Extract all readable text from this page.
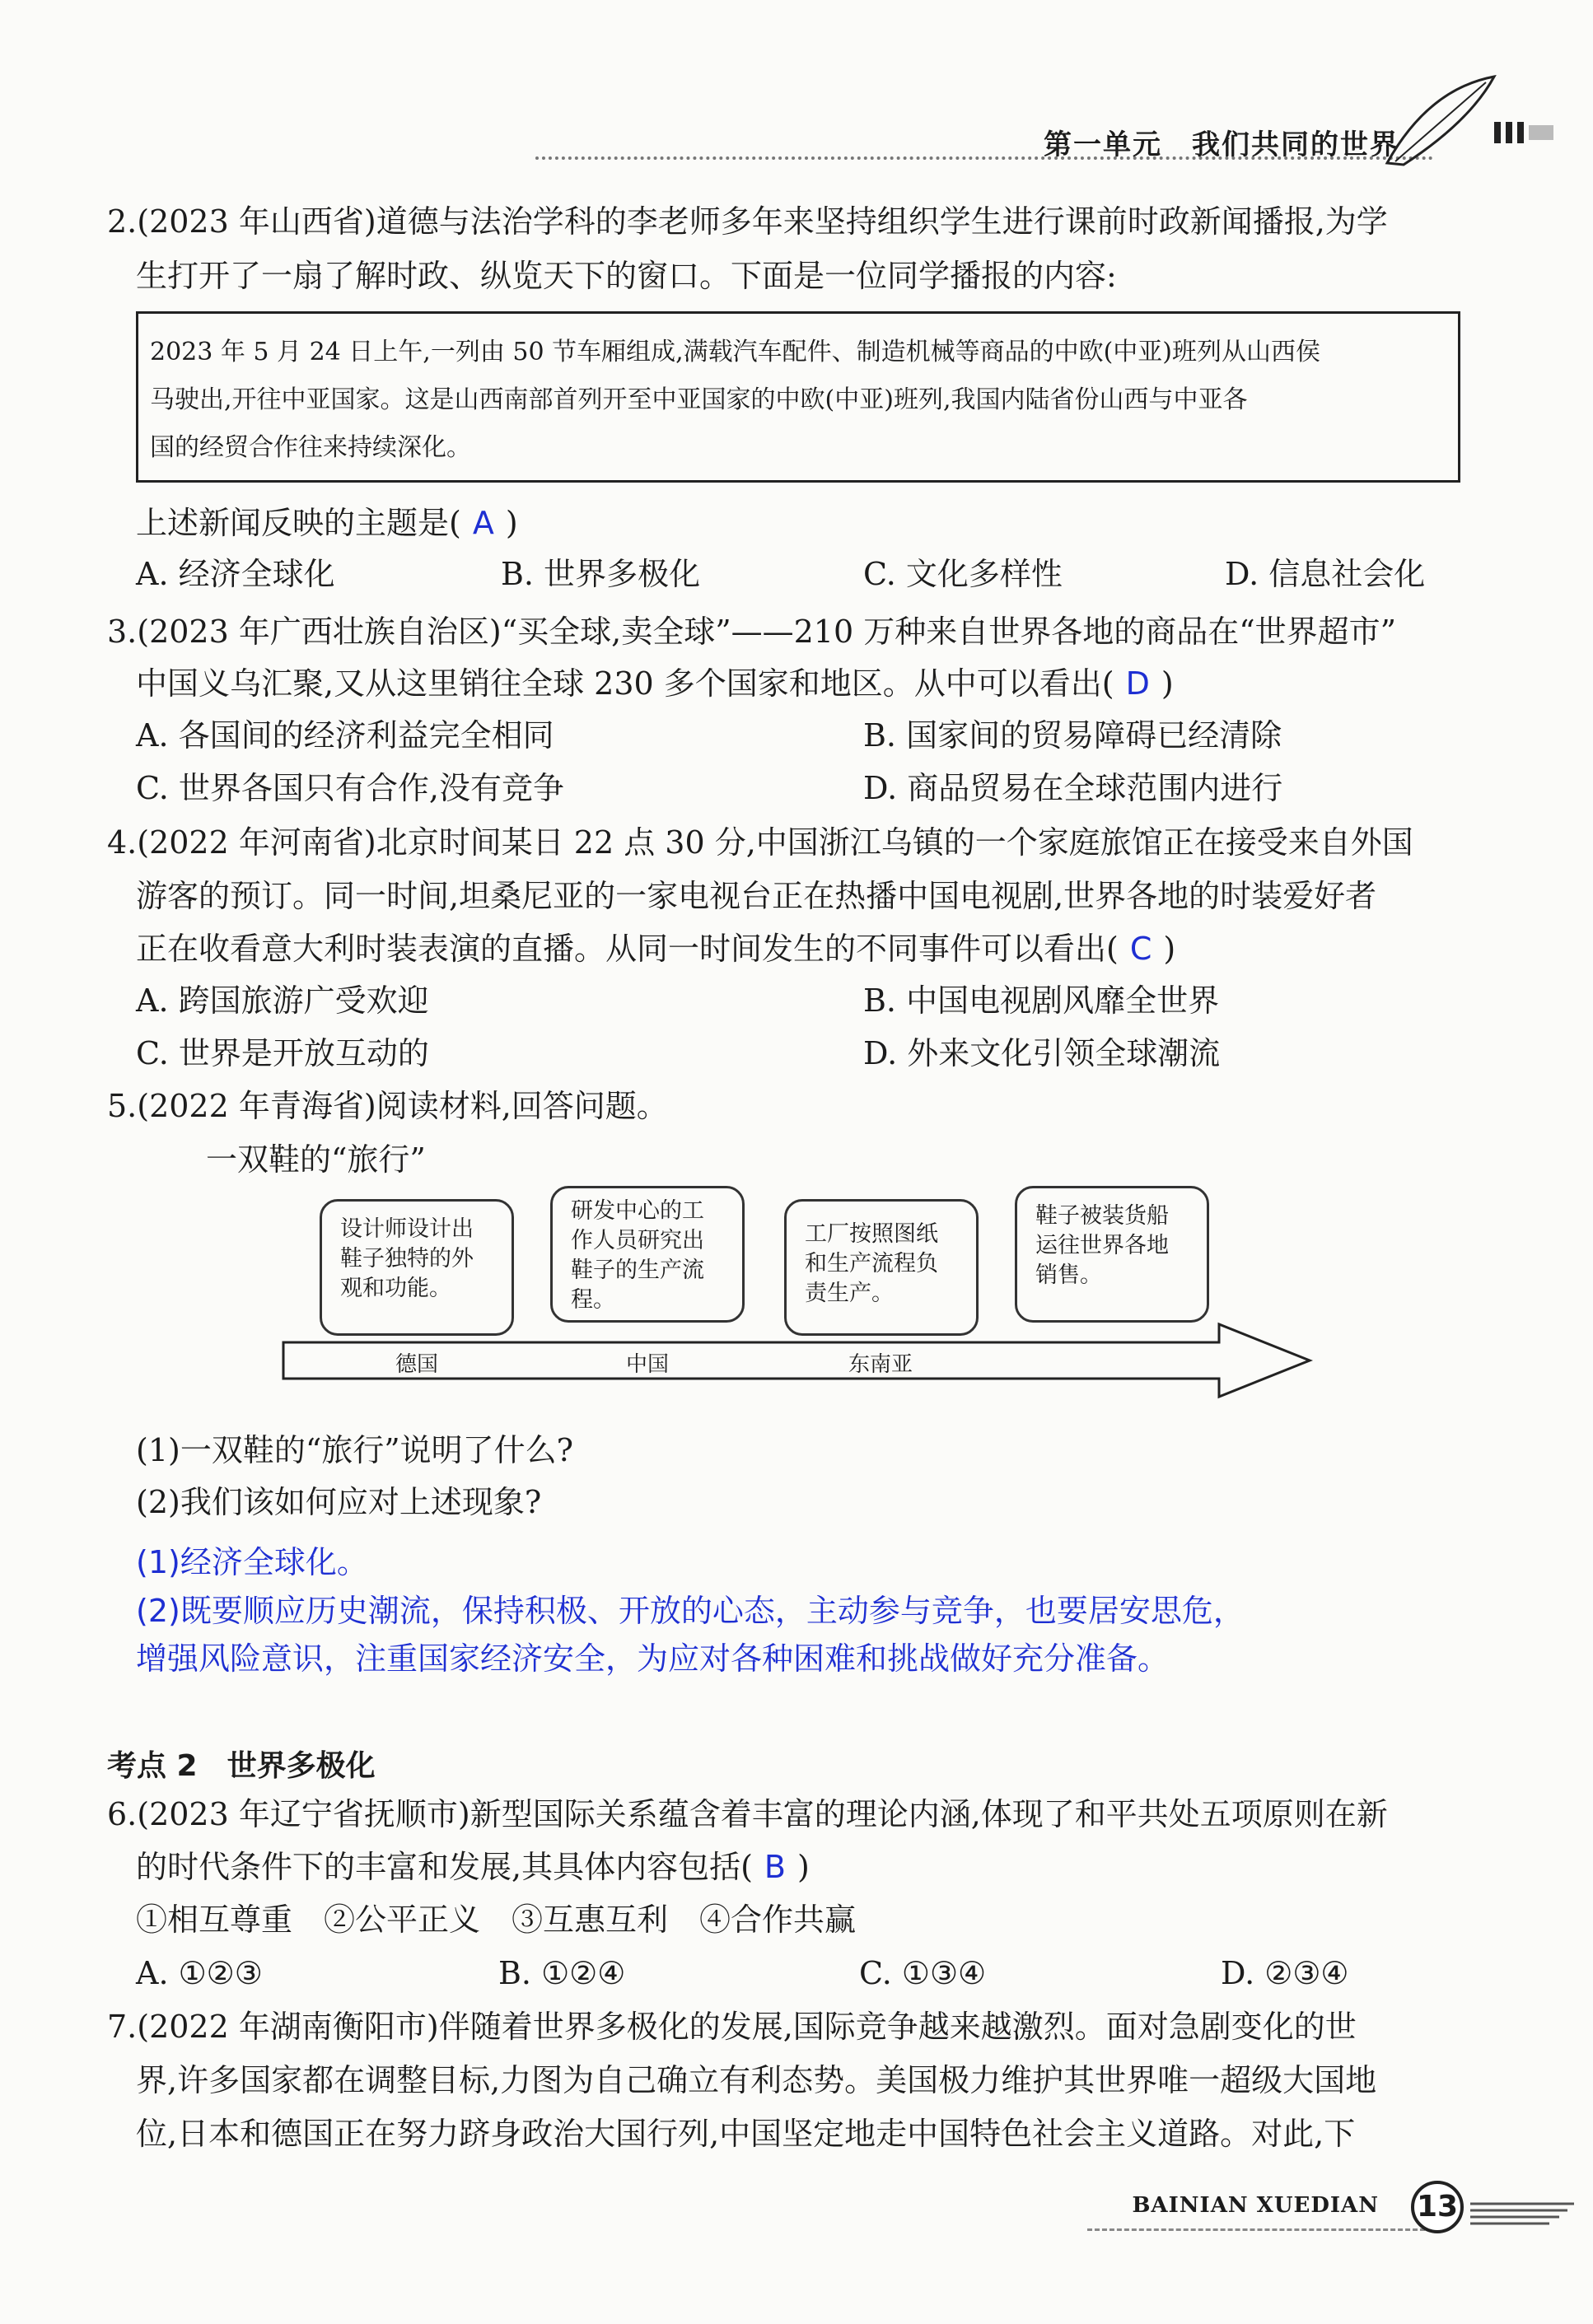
第一单元　我们共同的世界
2.(2023 年山西省)道德与法治学科的李老师多年来坚持组织学生进行课前时政新闻播报,为学
生打开了一扇了解时政、纵览天下的窗口。下面是一位同学播报的内容:
2023 年 5 月 24 日上午,一列由 50 节车厢组成,满载汽车配件、制造机械等商品的中欧(中亚)班列从山西侯
马驶出,开往中亚国家。这是山西南部首列开至中亚国家的中欧(中亚)班列,我国内陆省份山西与中亚各
国的经贸合作往来持续深化。
上述新闻反映的主题是( A )
A. 经济全球化	B. 世界多极化	C. 文化多样性	D. 信息社会化
3.(2023 年广西壮族自治区)“买全球,卖全球”——210 万种来自世界各地的商品在“世界超市”
中国义乌汇聚,又从这里销往全球 230 多个国家和地区。从中可以看出( D )
A. 各国间的经济利益完全相同	B. 国家间的贸易障碍已经清除
C. 世界各国只有合作,没有竞争	D. 商品贸易在全球范围内进行
4.(2022 年河南省)北京时间某日 22 点 30 分,中国浙江乌镇的一个家庭旅馆正在接受来自外国
游客的预订。同一时间,坦桑尼亚的一家电视台正在热播中国电视剧,世界各地的时装爱好者
正在收看意大利时装表演的直播。从同一时间发生的不同事件可以看出( C )
A. 跨国旅游广受欢迎	B. 中国电视剧风靡全世界
C. 世界是开放互动的	D. 外来文化引领全球潮流
5.(2022 年青海省)阅读材料,回答问题。
一双鞋的“旅行”
设计师设计出
鞋子独特的外
观和功能。
研发中心的工
作人员研究出
鞋子的生产流
程。
工厂按照图纸
和生产流程负
责生产。
鞋子被装货船
运往世界各地
销售。
德国	中国	东南亚
(1)一双鞋的“旅行”说明了什么?
(2)我们该如何应对上述现象?
(1)经济全球化。
(2)既要顺应历史潮流，保持积极、开放的心态，主动参与竞争，也要居安思危，
增强风险意识，注重国家经济安全，为应对各种困难和挑战做好充分准备。
考点 2　世界多极化
6.(2023 年辽宁省抚顺市)新型国际关系蕴含着丰富的理论内涵,体现了和平共处五项原则在新
的时代条件下的丰富和发展,其具体内容包括( B )
①相互尊重　②公平正义　③互惠互利　④合作共赢
A. ①②③	B. ①②④	C. ①③④	D. ②③④
7.(2022 年湖南衡阳市)伴随着世界多极化的发展,国际竞争越来越激烈。面对急剧变化的世
界,许多国家都在调整目标,力图为自己确立有利态势。美国极力维护其世界唯一超级大国地
位,日本和德国正在努力跻身政治大国行列,中国坚定地走中国特色社会主义道路。对此,下
BAINIAN XUEDIAN 13
